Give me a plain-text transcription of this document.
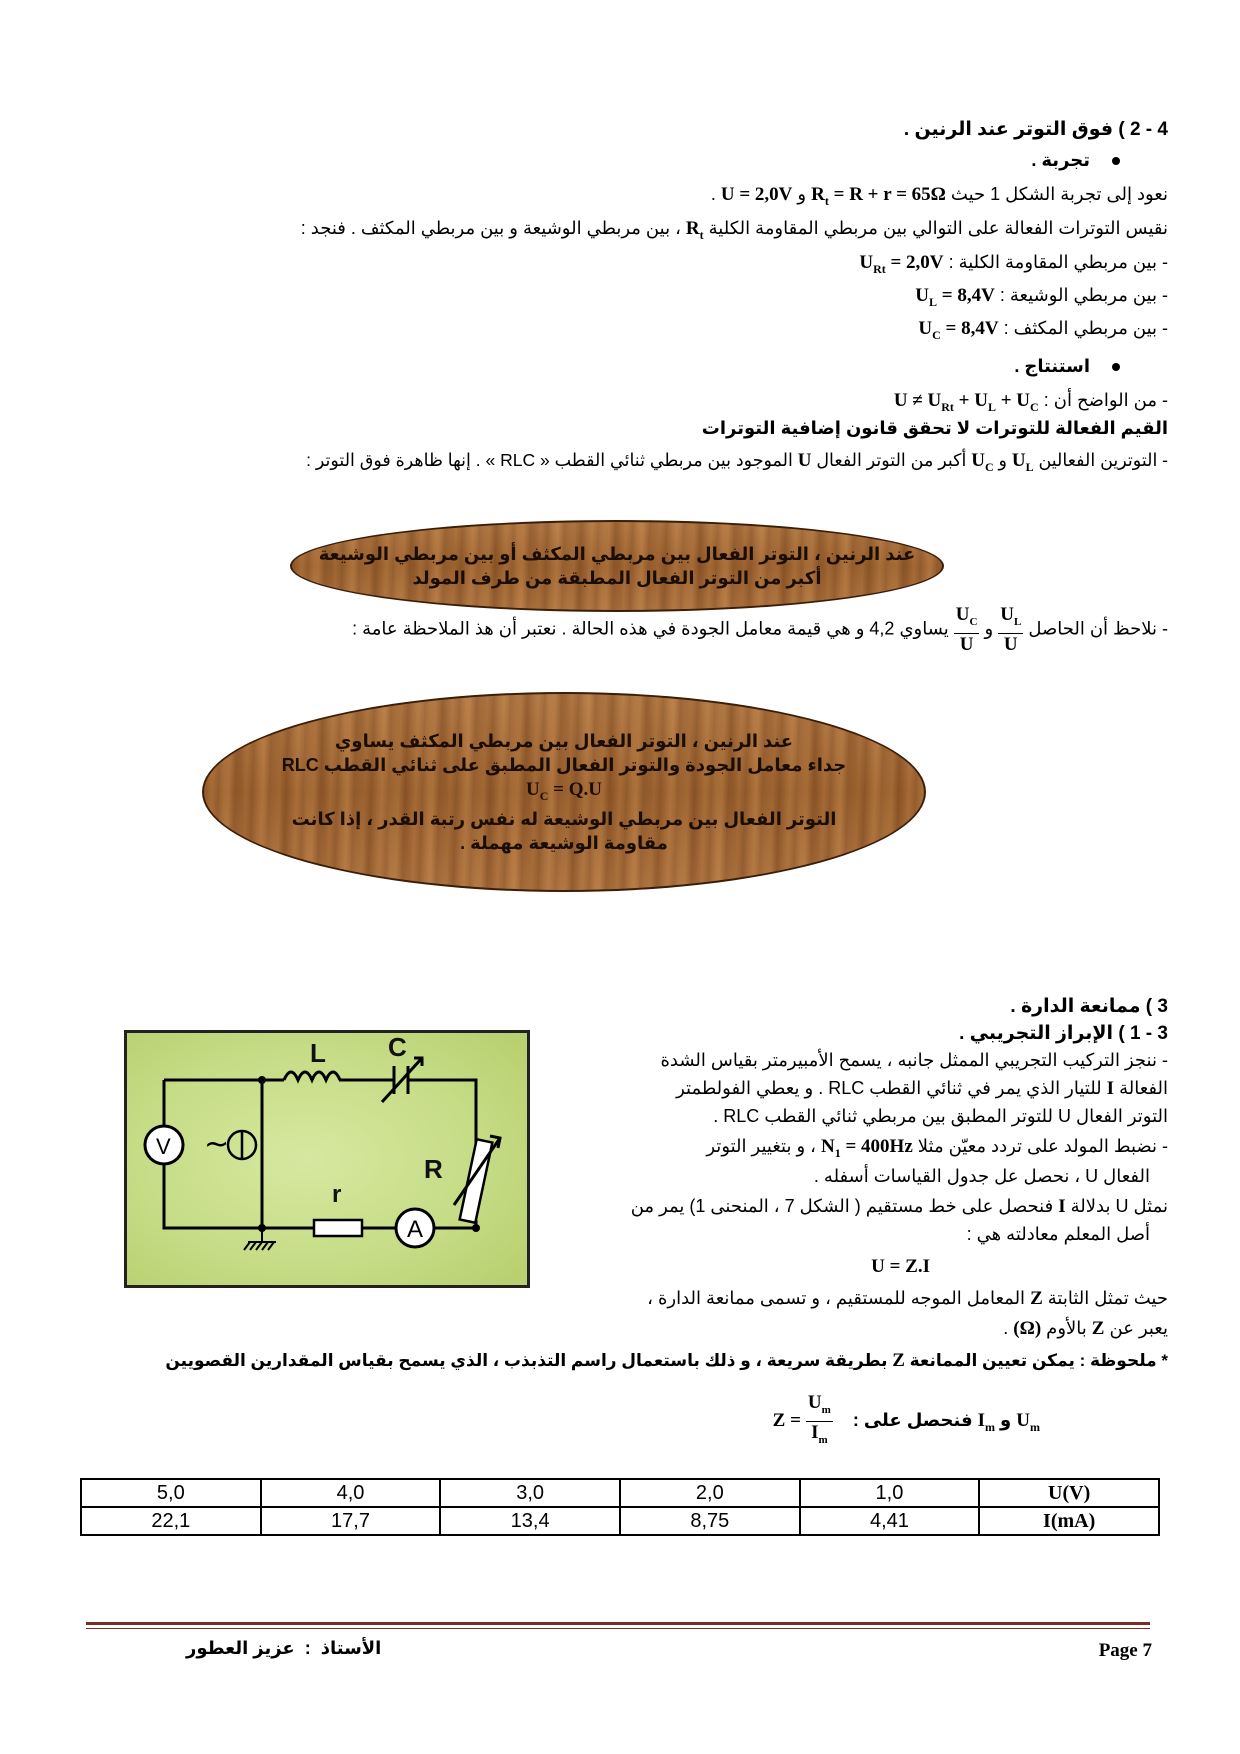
4 - 2 ) فوق التوتر عند الرنين .
تجربة .
نعود إلى تجربة الشكل 1 حيث $R_t = R + r = 65\Omega$ و U = 2,0V .
نقيس التوترات الفعالة على التوالي بين مربطي المقاومة الكلية $R_t$ ، بين مربطي الوشيعة و بين مربطي المكثف . فنجد :
- بين مربطي المقاومة الكلية : $U_{Rt} = 2,0V$
- بين مربطي الوشيعة : $U_L = 8,4V$
- بين مربطي المكثف : $U_C = 8,4V$
استنتاج .
- من الواضح أن : $U \ne U_{Rt} + U_L + U_C$
القيم الفعالة للتوترات لا تحقق قانون إضافية التوترات
- التوترين الفعالين $U_L$ و $U_C$ أكبر من التوتر الفعال U الموجود بين مربطي ثنائي القطب « RLC » . إنها ظاهرة فوق التوتر :
عند الرنين ، التوتر الفعال بين مربطي المكثف أو بين مربطي الوشيعة
أكبر من التوتر الفعال المطبقة من طرف المولد
- نلاحظ أن الحاصل
$\frac{U_L}{U}$
و
$\frac{U_C}{U}$
يساوي 4,2 و هي قيمة معامل الجودة في هذه الحالة . نعتبر أن هذ الملاحظة عامة :
عند الرنين ، التوتر الفعال بين مربطي المكثف يساوي
جداء معامل الجودة والتوتر الفعال المطبق على ثنائي القطب RLC
$U_C = Q.U$
التوتر الفعال بين مربطي الوشيعة له نفس رتبة القدر ، إذا كانت
مقاومة الوشيعة مهملة .
3 ) ممانعة الدارة .
3 - 1 ) الإبراز التجريبي .
- ننجز التركيب التجريبي الممثل جانبه ، يسمح الأمبيرمتر بقياس الشدة
الفعالة I للتيار الذي يمر في ثنائي القطب RLC . و يعطي الفولطمتر
التوتر الفعال U للتوتر المطبق بين مربطي ثنائي القطب RLC .
- نضبط المولد على تردد معيّن مثلا $N_1 = 400Hz$ ، و بتغيير التوتر
الفعال U ، نحصل عل جدول القياسات أسفله .
نمثل U بدلالة I فنحصل على خط مستقيم ( الشكل 7 ، المنحنى 1) يمر من
أصل المعلم معادلته هي :
U = Z.I
حيث تمثل الثابتة Z المعامل الموجه للمستقيم ، و تسمى ممانعة الدارة ،
يعبر عن Z بالأوم (Ω) .
* ملحوظة : يمكن تعيين الممانعة Z بطريقة سريعة ، و ذلك باستعمال راسم التذبذب ، الذي يسمح بقياس المقدارين القصويين
$U_m$ و $I_m$ فنحصل على :
$\frac{U_m}{I_m}$
Z =
L C
R
r
A
V ~
5,0	4,0	3,0	2,0	1,0	U(V)
22,1	17,7	13,4	8,75	4,41	I(mA)
Page 7
الأستاذ  :  عزيز العطور
